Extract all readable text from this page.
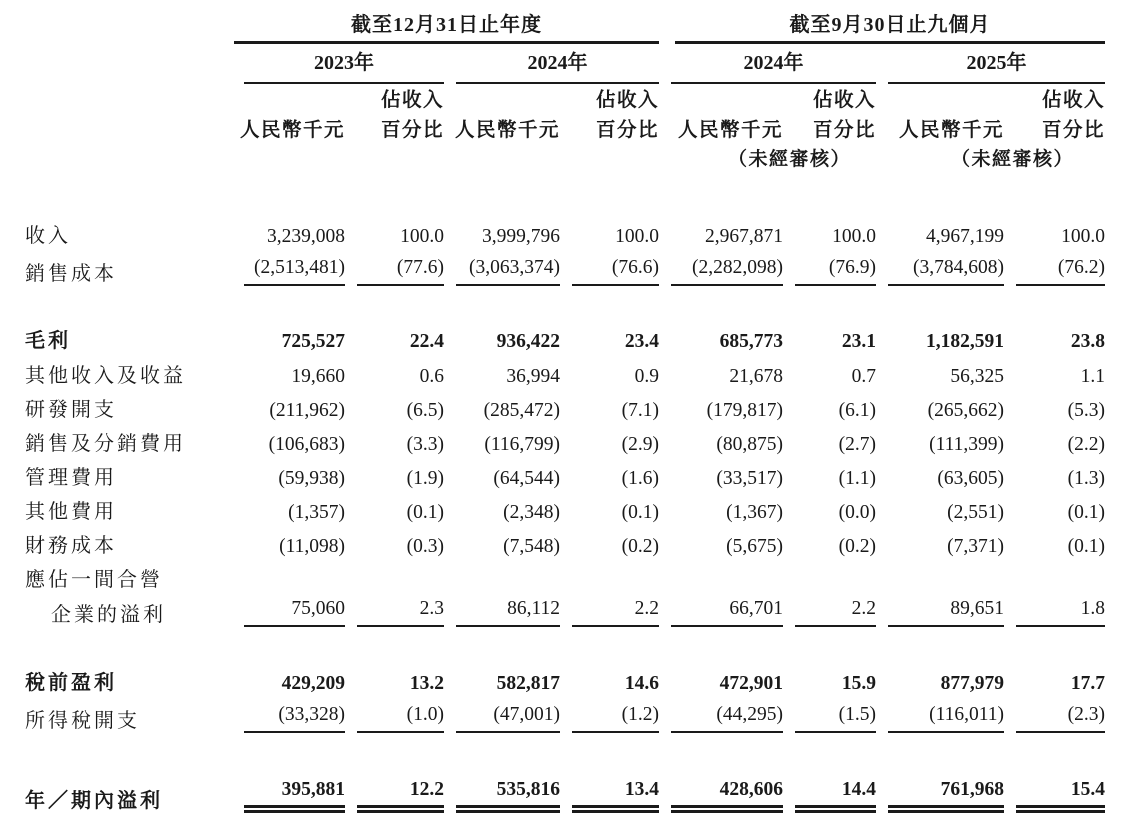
	截至12月31日止年度				截至9月30日止九個月			

	2023年		2024年		2024年		2025年	

		佔收入		佔收入		佔收入		佔收入
	人民幣千元	百分比	人民幣千元	百分比	人民幣千元	百分比	人民幣千元	百分比
					（未經審核）		（未經審核）	

收入	3,239,008	100.0	3,999,796	100.0	2,967,871	100.0	4,967,199	100.0

銷售成本	(2,513,481)	(77.6)	(3,063,374)	(76.6)	(2,282,098)	(76.9)	(3,784,608)	(76.2)

毛利	725,527	22.4	936,422	23.4	685,773	23.1	1,182,591	23.8

其他收入及收益	19,660	0.6	36,994	0.9	21,678	0.7	56,325	1.1

研發開支	(211,962)	(6.5)	(285,472)	(7.1)	(179,817)	(6.1)	(265,662)	(5.3)

銷售及分銷費用	(106,683)	(3.3)	(116,799)	(2.9)	(80,875)	(2.7)	(111,399)	(2.2)

管理費用	(59,938)	(1.9)	(64,544)	(1.6)	(33,517)	(1.1)	(63,605)	(1.3)

其他費用	(1,357)	(0.1)	(2,348)	(0.1)	(1,367)	(0.0)	(2,551)	(0.1)

財務成本	(11,098)	(0.3)	(7,548)	(0.2)	(5,675)	(0.2)	(7,371)	(0.1)

應佔一間合營								
企業的溢利	75,060	2.3	86,112	2.2	66,701	2.2	89,651	1.8

稅前盈利	429,209	13.2	582,817	14.6	472,901	15.9	877,979	17.7

所得稅開支	(33,328)	(1.0)	(47,001)	(1.2)	(44,295)	(1.5)	(116,011)	(2.3)

年／期內溢利	395,881	12.2	535,816	13.4	428,606	14.4	761,968	15.4
